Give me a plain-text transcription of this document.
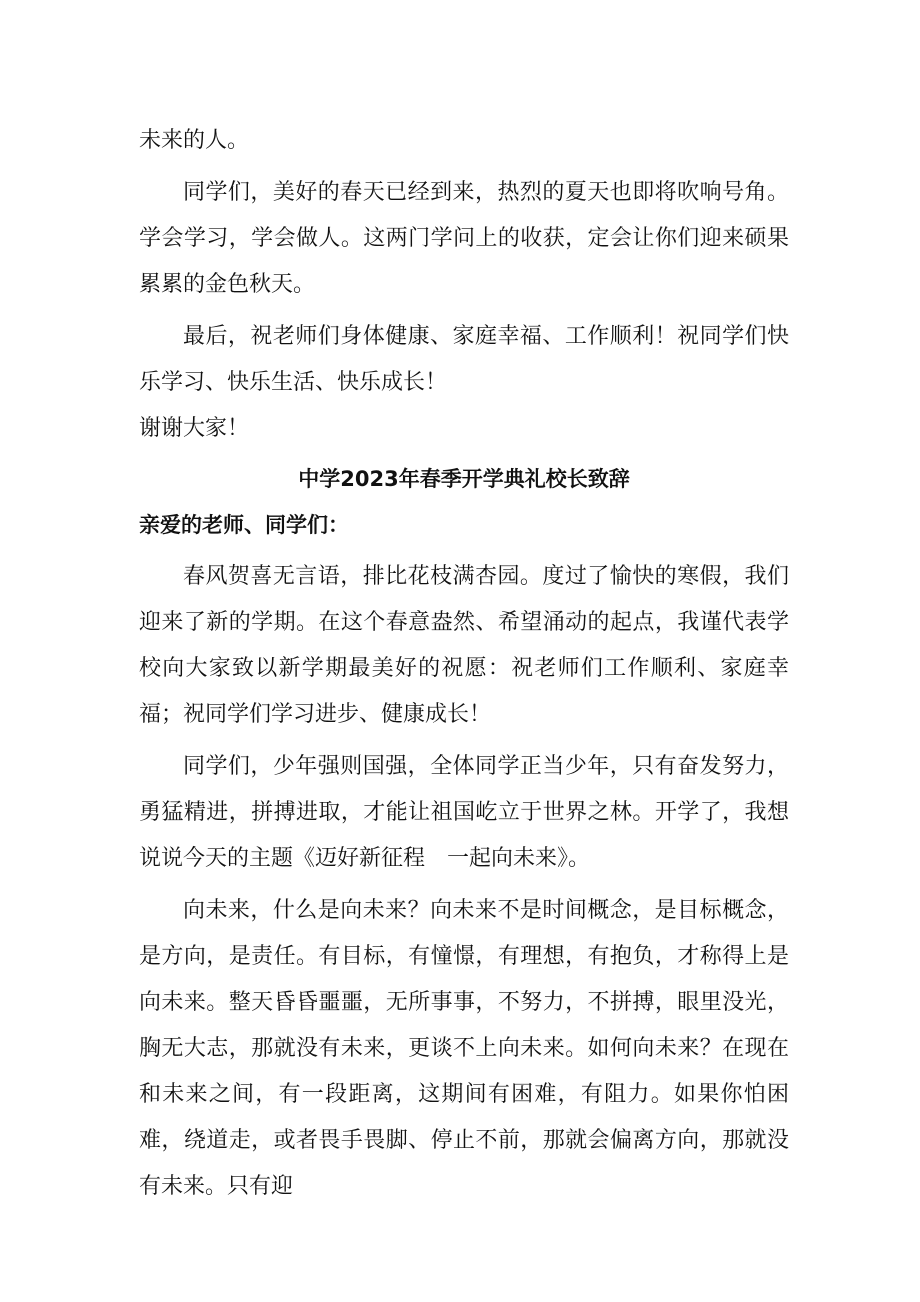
未来的人。

同学们，美好的春天已经到来，热烈的夏天也即将吹响号角。学会学习，学会做人。这两门学问上的收获，定会让你们迎来硕果累累的金色秋天。

最后，祝老师们身体健康、家庭幸福、工作顺利！祝同学们快乐学习、快乐生活、快乐成长！

谢谢大家！

中学2023年春季开学典礼校长致辞

亲爱的老师、同学们：

春风贺喜无言语，排比花枝满杏园。度过了愉快的寒假，我们迎来了新的学期。在这个春意盎然、希望涌动的起点，我谨代表学校向大家致以新学期最美好的祝愿：祝老师们工作顺利、家庭幸福；祝同学们学习进步、健康成长！

同学们，少年强则国强，全体同学正当少年，只有奋发努力，勇猛精进，拼搏进取，才能让祖国屹立于世界之林。开学了，我想说说今天的主题《迈好新征程　一起向未来》。

向未来，什么是向未来？向未来不是时间概念，是目标概念，是方向，是责任。有目标，有憧憬，有理想，有抱负，才称得上是向未来。整天昏昏噩噩，无所事事，不努力，不拼搏，眼里没光，胸无大志，那就没有未来，更谈不上向未来。如何向未来？在现在和未来之间，有一段距离，这期间有困难，有阻力。如果你怕困难，绕道走，或者畏手畏脚、停止不前，那就会偏离方向，那就没有未来。只有迎
